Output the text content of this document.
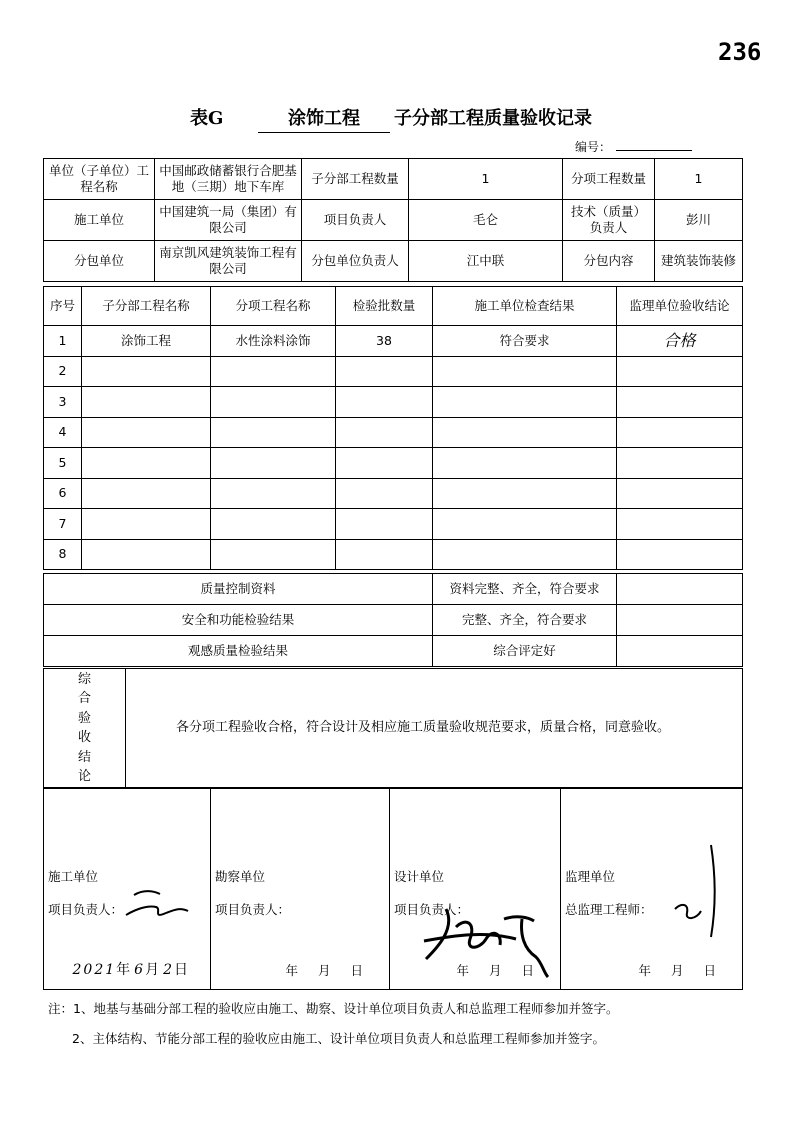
236
表G	涂饰工程	子分部工程质量验收记录
编号：
单位（子单位）工程名称	中国邮政储蓄银行合肥基地（三期）地下车库	子分部工程数量	1	分项工程数量	1
施工单位	中国建筑一局（集团）有限公司	项目负责人	毛仑	技术（质量）负责人	彭川
分包单位	南京凯风建筑装饰工程有限公司	分包单位负责人	江中联	分包内容	建筑装饰装修
序号	子分部工程名称	分项工程名称	检验批数量	施工单位检查结果	监理单位验收结论
1	涂饰工程	水性涂料涂饰	38	符合要求	合格
2					
3					
4					
5					
6					
7					
8					
质量控制资料	资料完整、齐全，符合要求	
安全和功能检验结果	完整、齐全，符合要求	
观感质量检验结果	综合评定好	
综
合
验
收
结
论
	各分项工程验收合格，符合设计及相应施工质量验收规范要求，质量合格，同意验收。
施工单位
项目负责人：
2021年 6月 2日

勘察单位
项目负责人：
年 月 日

设计单位
项目负责人：
年 月 日

监理单位
总监理工程师：
年 月 日
注：1、地基与基础分部工程的验收应由施工、勘察、设计单位项目负责人和总监理工程师参加并签字。
2、主体结构、节能分部工程的验收应由施工、设计单位项目负责人和总监理工程师参加并签字。
